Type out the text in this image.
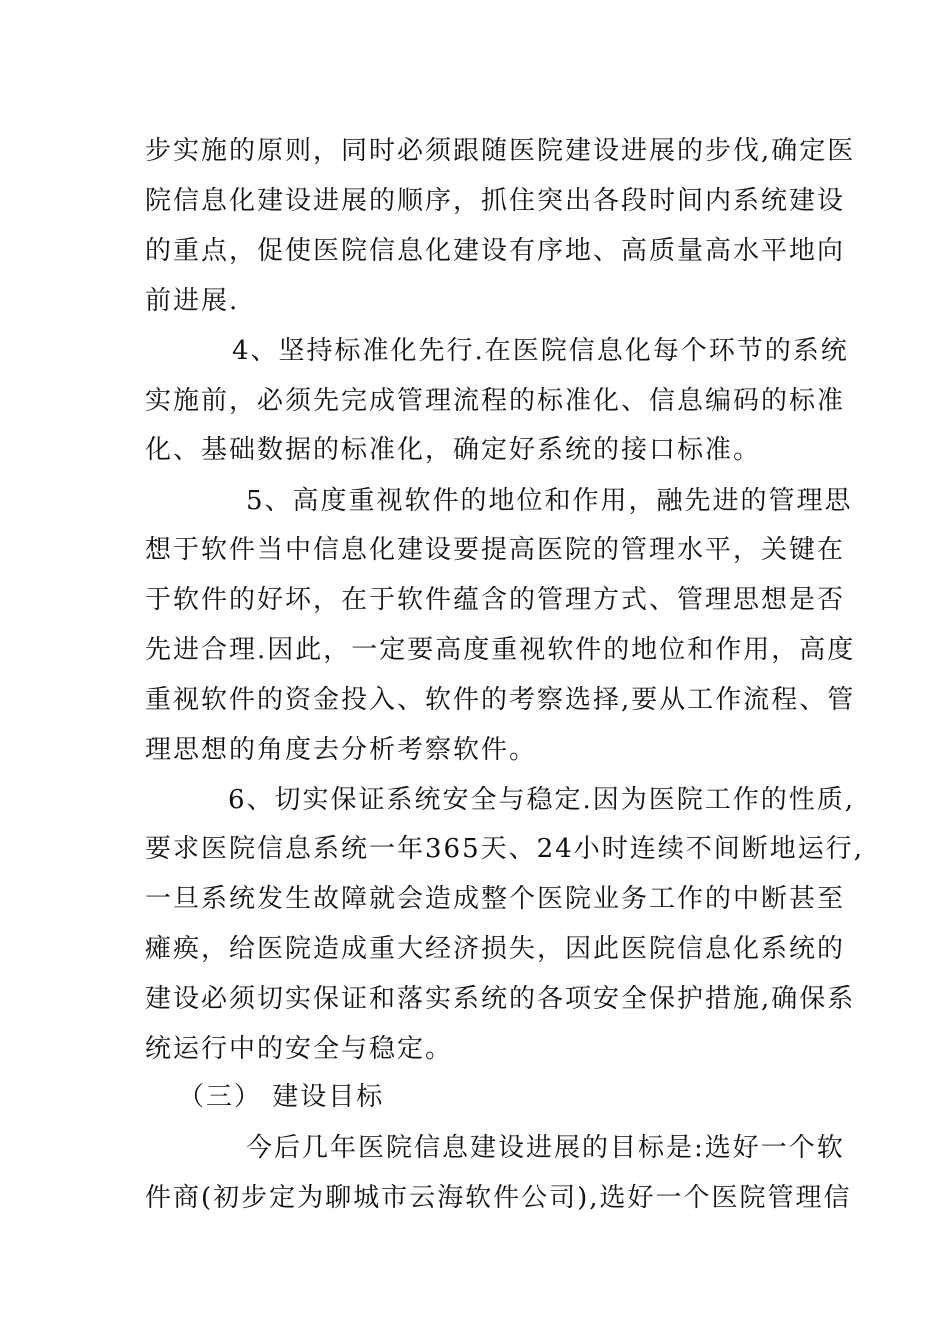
步实施的原则，同时必须跟随医院建设进展的步伐,确定医
院信息化建设进展的顺序，抓住突出各段时间内系统建设
的重点，促使医院信息化建设有序地、高质量高水平地向
前进展.
4、坚持标准化先行.在医院信息化每个环节的系统
实施前，必须先完成管理流程的标准化、信息编码的标准
化、基础数据的标准化，确定好系统的接口标准。
5、高度重视软件的地位和作用，融先进的管理思
想于软件当中信息化建设要提高医院的管理水平，关键在
于软件的好坏，在于软件蕴含的管理方式、管理思想是否
先进合理.因此，一定要高度重视软件的地位和作用，高度
重视软件的资金投入、软件的考察选择,要从工作流程、管
理思想的角度去分析考察软件。
6、切实保证系统安全与稳定.因为医院工作的性质,
要求医院信息系统一年365天、24小时连续不间断地运行,
一旦系统发生故障就会造成整个医院业务工作的中断甚至
瘫痪，给医院造成重大经济损失，因此医院信息化系统的
建设必须切实保证和落实系统的各项安全保护措施,确保系
统运行中的安全与稳定。
（三） 建设目标
今后几年医院信息建设进展的目标是:选好一个软
件商(初步定为聊城市云海软件公司),选好一个医院管理信
